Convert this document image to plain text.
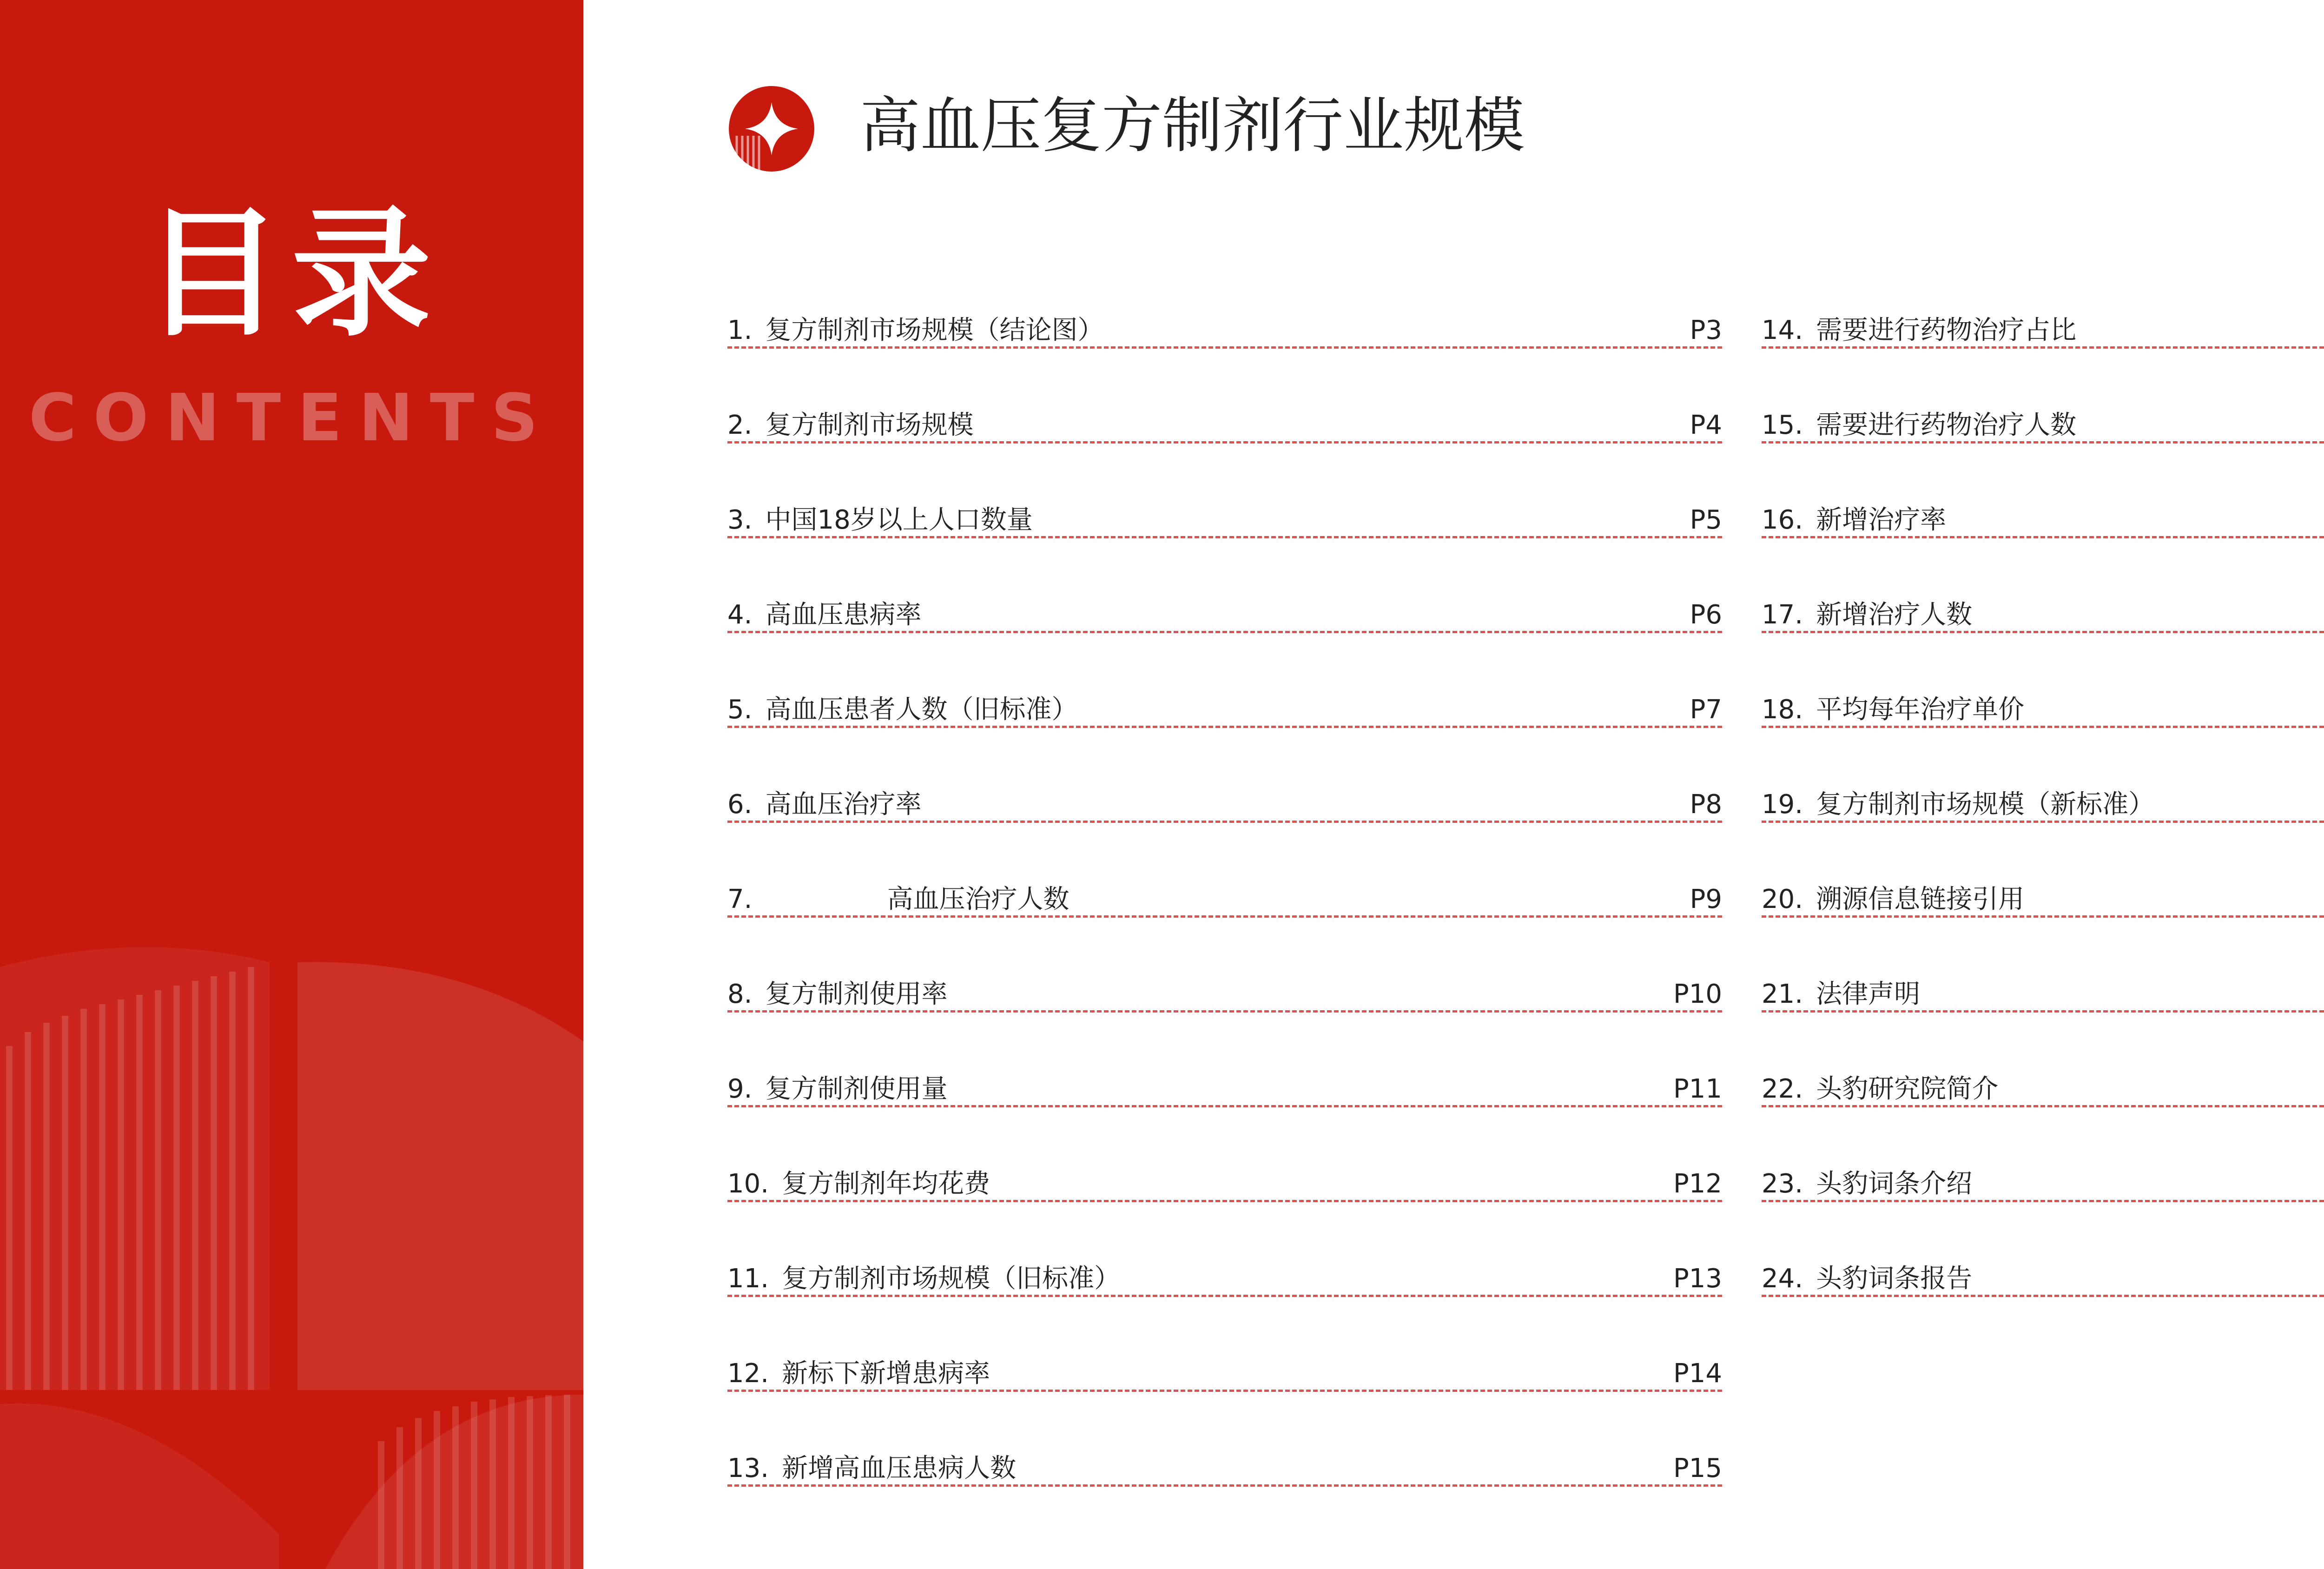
目录
CONTENTS
高血压复方制剂行业规模
1. 复方制剂市场规模（结论图）	P3
2. 复方制剂市场规模	P4
3. 中国18岁以上人口数量	P5
4. 高血压患病率	P6
5. 高血压患者人数（旧标准）	P7
6. 高血压治疗率	P8
7.	高血压治疗人数	P9
8. 复方制剂使用率	P10
9. 复方制剂使用量	P11
10. 复方制剂年均花费	P12
11. 复方制剂市场规模（旧标准）	P13
12. 新标下新增患病率	P14
13. 新增高血压患病人数	P15
14. 需要进行药物治疗占比
15. 需要进行药物治疗人数
16. 新增治疗率
17. 新增治疗人数
18. 平均每年治疗单价
19. 复方制剂市场规模（新标准）
20. 溯源信息链接引用
21. 法律声明
22. 头豹研究院简介
23. 头豹词条介绍
24. 头豹词条报告
